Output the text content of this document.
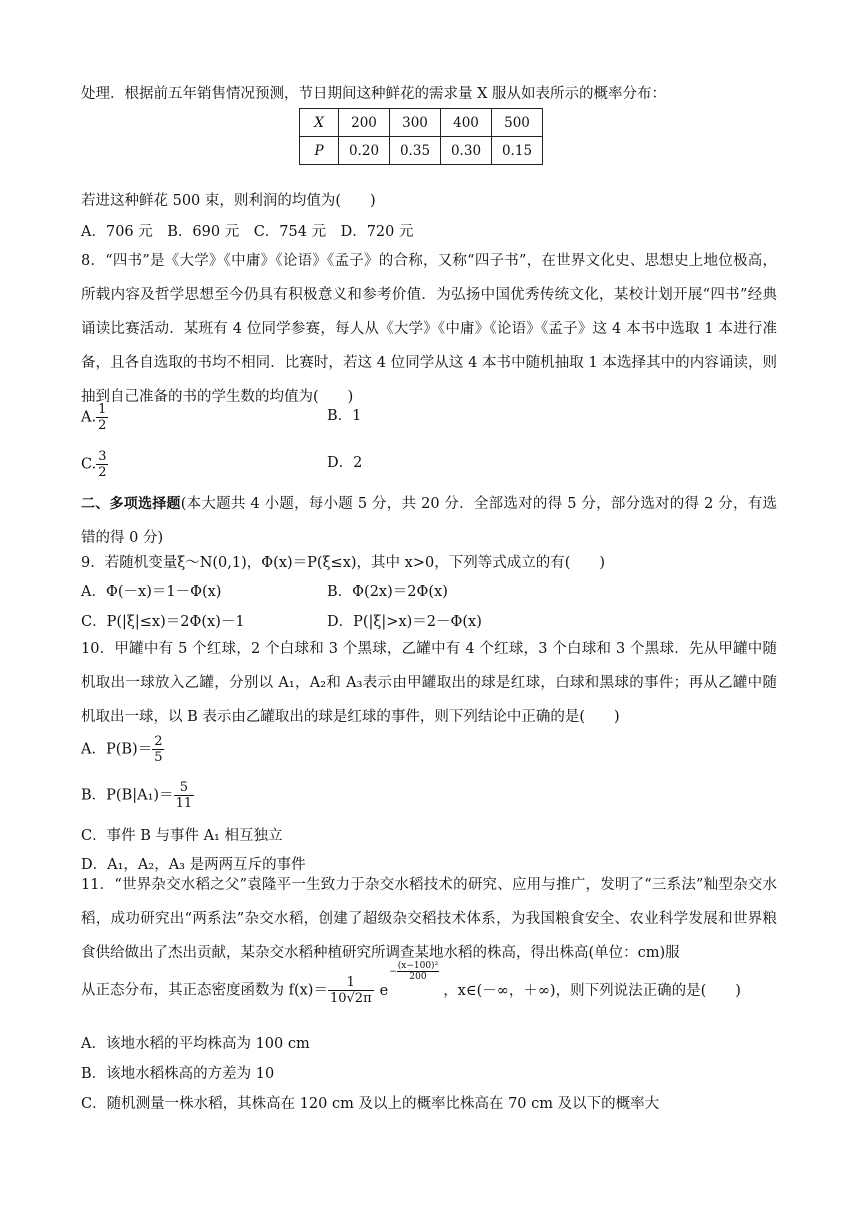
处理．根据前五年销售情况预测，节日期间这种鲜花的需求量 X 服从如表所示的概率分布：
X	200	300	400	500
P	0.20	0.35	0.30	0.15
若进这种鲜花 500 束，则利润的均值为(　　)
A．706 元　B．690 元　C．754 元　D．720 元
8．“四书”是《大学》《中庸》《论语》《孟子》的合称，又称“四子书”，在世界文化史、思想史上地位极高，所载内容及哲学思想至今仍具有积极意义和参考价值．为弘扬中国优秀传统文化，某校计划开展“四书”经典诵读比赛活动．某班有 4 位同学参赛，每人从《大学》《中庸》《论语》《孟子》这 4 本书中选取 1 本进行准备，且各自选取的书均不相同．比赛时，若这 4 位同学从这 4 本书中随机抽取 1 本选择其中的内容诵读，则抽到自己准备的书的学生数的均值为(　　)
A. $\frac{1}{2}$	B．1
C. $\frac{3}{2}$	D．2
二、多项选择题(本大题共 4 小题，每小题 5 分，共 20 分．全部选对的得 5 分，部分选对的得 2 分，有选错的得 0 分)
9．若随机变量ξ～N(0,1)，Φ(x)＝P(ξ≤x)，其中 x>0，下列等式成立的有(　　)
A．Φ(－x)＝1－Φ(x)	B．Φ(2x)＝2Φ(x)
C．P(|ξ|≤x)＝2Φ(x)－1	D．P(|ξ|>x)＝2－Φ(x)
10．甲罐中有 5 个红球，2 个白球和 3 个黑球，乙罐中有 4 个红球，3 个白球和 3 个黑球．先从甲罐中随机取出一球放入乙罐，分别以 A₁，A₂和 A₃表示由甲罐取出的球是红球，白球和黑球的事件；再从乙罐中随机取出一球，以 B 表示由乙罐取出的球是红球的事件，则下列结论中正确的是(　　)
A．$P(B)= \frac{2}{5}$
B．$P(B|A_1)= \frac{5}{11}$
C．事件 B 与事件 A₁ 相互独立
D．A₁，A₂，A₃ 是两两互斥的事件
11．“世界杂交水稻之父”袁隆平一生致力于杂交水稻技术的研究、应用与推广，发明了“三系法”籼型杂交水稻，成功研究出“两系法”杂交水稻，创建了超级杂交稻技术体系，为我国粮食安全、农业科学发展和世界粮食供给做出了杰出贡献，某杂交水稻种植研究所调查某地水稻的株高，得出株高(单位：cm)服
从正态分布，其正态密度函数为 $f(x)= \frac{1}{10√2\pi} e- \frac{\text{(x−100)²}}{200}$
，x∈(－∞，＋∞)，则下列说法正确的是(　　)
A．该地水稻的平均株高为 100 cm
B．该地水稻株高的方差为 10
C．随机测量一株水稻，其株高在 120 cm 及以上的概率比株高在 70 cm 及以下的概率大
